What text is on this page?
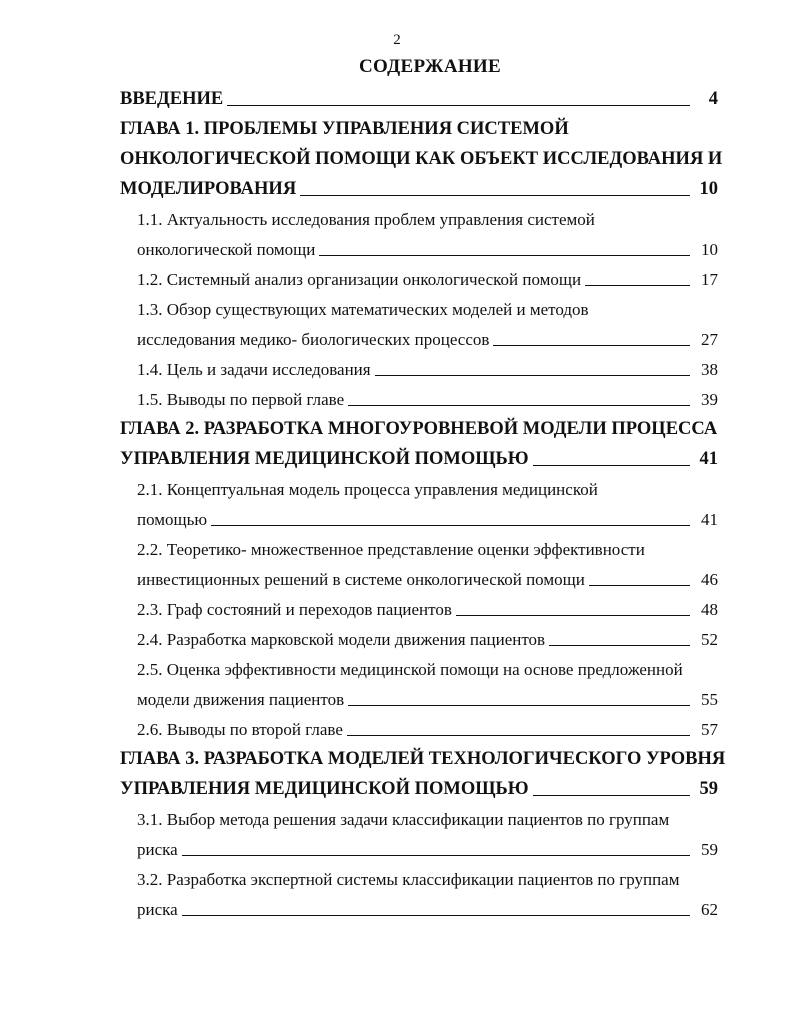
2
СОДЕРЖАНИЕ
ВВЕДЕНИЕ	4
ГЛАВА 1. ПРОБЛЕМЫ УПРАВЛЕНИЯ СИСТЕМОЙ
ОНКОЛОГИЧЕСКОЙ ПОМОЩИ КАК ОБЪЕКТ ИССЛЕДОВАНИЯ И
МОДЕЛИРОВАНИЯ	10
1.1. Актуальность исследования проблем управления системой
онкологической помощи	10
1.2. Системный анализ организации онкологической помощи	17
1.3. Обзор существующих математических моделей и методов
исследования медико- биологических процессов	27
1.4. Цель и задачи исследования	38
1.5. Выводы по первой главе	39
ГЛАВА 2. РАЗРАБОТКА МНОГОУРОВНЕВОЙ МОДЕЛИ ПРОЦЕССА
УПРАВЛЕНИЯ МЕДИЦИНСКОЙ ПОМОЩЬЮ	41
2.1. Концептуальная модель процесса управления медицинской
помощью	41
2.2. Теоретико- множественное представление оценки эффективности
инвестиционных решений в системе онкологической помощи	46
2.3. Граф состояний и переходов пациентов	48
2.4. Разработка марковской модели движения пациентов	52
2.5. Оценка эффективности медицинской помощи на основе предложенной
модели движения пациентов	55
2.6. Выводы по второй главе	57
ГЛАВА 3. РАЗРАБОТКА МОДЕЛЕЙ ТЕХНОЛОГИЧЕСКОГО УРОВНЯ
УПРАВЛЕНИЯ МЕДИЦИНСКОЙ ПОМОЩЬЮ	59
3.1. Выбор метода решения задачи классификации пациентов по группам
риска	59
3.2. Разработка экспертной системы классификации пациентов по группам
риска	62
